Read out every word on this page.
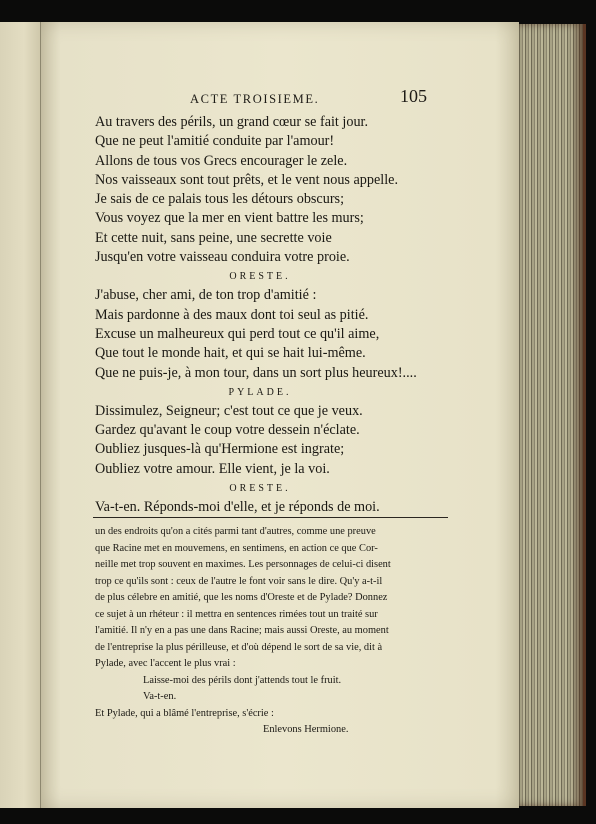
ACTE TROISIEME.	105
Au travers des périls, un grand cœur se fait jour.
Que ne peut l'amitié conduite par l'amour!
Allons de tous vos Grecs encourager le zele.
Nos vaisseaux sont tout prêts, et le vent nous appelle.
Je sais de ce palais tous les détours obscurs;
Vous voyez que la mer en vient battre les murs;
Et cette nuit, sans peine, une secrette voie
Jusqu'en votre vaisseau conduira votre proie.
ORESTE.
J'abuse, cher ami, de ton trop d'amitié :
Mais pardonne à des maux dont toi seul as pitié.
Excuse un malheureux qui perd tout ce qu'il aime,
Que tout le monde hait, et qui se hait lui-même.
Que ne puis-je, à mon tour, dans un sort plus heureux!....
PYLADE.
Dissimulez, Seigneur; c'est tout ce que je veux.
Gardez qu'avant le coup votre dessein n'éclate.
Oubliez jusques-là qu'Hermione est ingrate;
Oubliez votre amour. Elle vient, je la voi.
ORESTE.
Va-t-en. Réponds-moi d'elle, et je réponds de moi.
un des endroits qu'on a cités parmi tant d'autres, comme une preuve
que Racine met en mouvemens, en sentimens, en action ce que Cor-
neille met trop souvent en maximes. Les personnages de celui-ci disent
trop ce qu'ils sont : ceux de l'autre le font voir sans le dire. Qu'y a-t-il
de plus célebre en amitié, que les noms d'Oreste et de Pylade? Donnez
ce sujet à un rhéteur : il mettra en sentences rimées tout un traité sur
l'amitié. Il n'y en a pas une dans Racine; mais aussi Oreste, au moment
de l'entreprise la plus périlleuse, et d'où dépend le sort de sa vie, dit à
Pylade, avec l'accent le plus vrai :
Laisse-moi des périls dont j'attends tout le fruit.
Va-t-en.
Et Pylade, qui a blâmé l'entreprise, s'écrie :
Enlevons Hermione.
